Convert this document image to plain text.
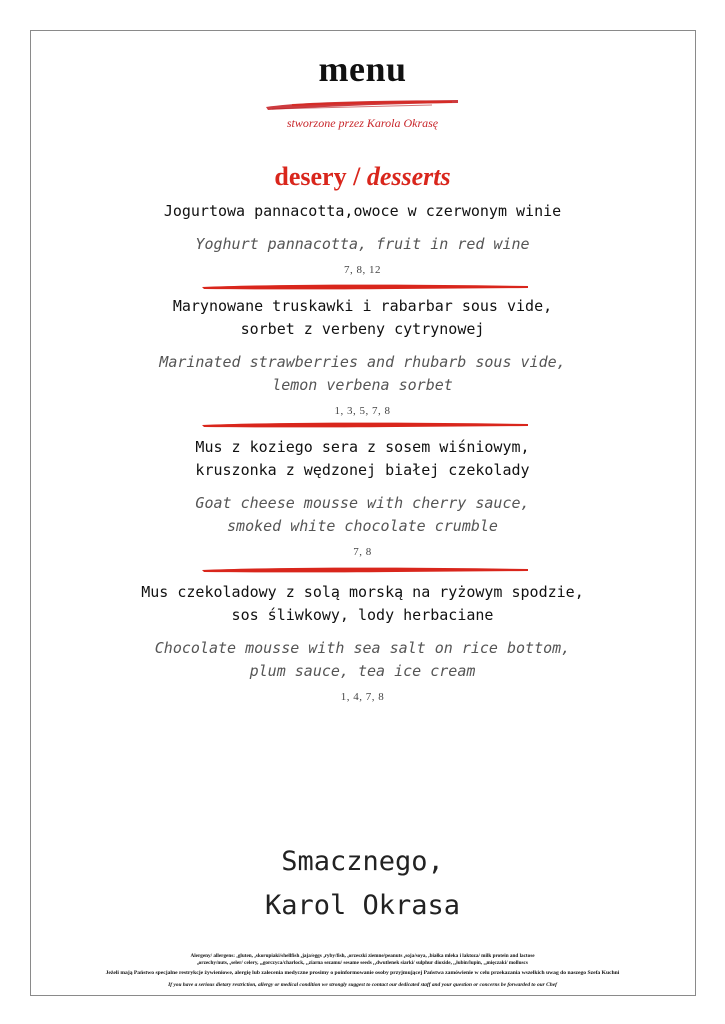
menu
stworzone przez Karola Okrasę
desery / desserts
Jogurtowa pannacotta,owoce w czerwonym winie
Yoghurt pannacotta, fruit in red wine
7, 8, 12
Marynowane truskawki i rabarbar sous vide,
sorbet z verbeny cytrynowej
Marinated strawberries and rhubarb sous vide,
lemon verbena sorbet
1, 3, 5, 7, 8
Mus z koziego sera z sosem wiśniowym,
kruszonka z wędzonej białej czekolady
Goat cheese mousse with cherry sauce,
smoked white chocolate crumble
7, 8
Mus czekoladowy z solą morską na ryżowym spodzie,
sos śliwkowy, lody herbaciane
Chocolate mousse with sea salt on rice bottom,
plum sauce, tea ice cream
1, 4, 7, 8
Smacznego,
Karol Okrasa
Alergeny/ allergens: ₁gluten, ₂skorupiaki/shellfish ₃jaja/eggs ₄ryby/fish, ₅orzeszki ziemne/peanuts ₆soja/soya, ₇białka mleka i laktoza/ milk protein and lactose
₈orzechy/nuts, ₉seler/ celery, ₁₀gorczyca/charlock, ₁₁ziarna sezamu/ sesame seeds ₁₂dwutlenek siarki/ sulphur dioxide, ₁₃łubin/lupin, ₁₄mięczaki/ molluscs
Jeżeli mają Państwo specjalne restrykcje żywieniowe, alergię lub zalecenia medyczne prosimy o poinformowanie osoby przyjmującej Państwa zamówienie w celu przekazania wszelkich uwag do naszego Szefa Kuchni
If you have a serious dietary restriction, allergy or medical condition we strongly suggest to contact our dedicated staff and your question or concerns be forwarded to our Chef
